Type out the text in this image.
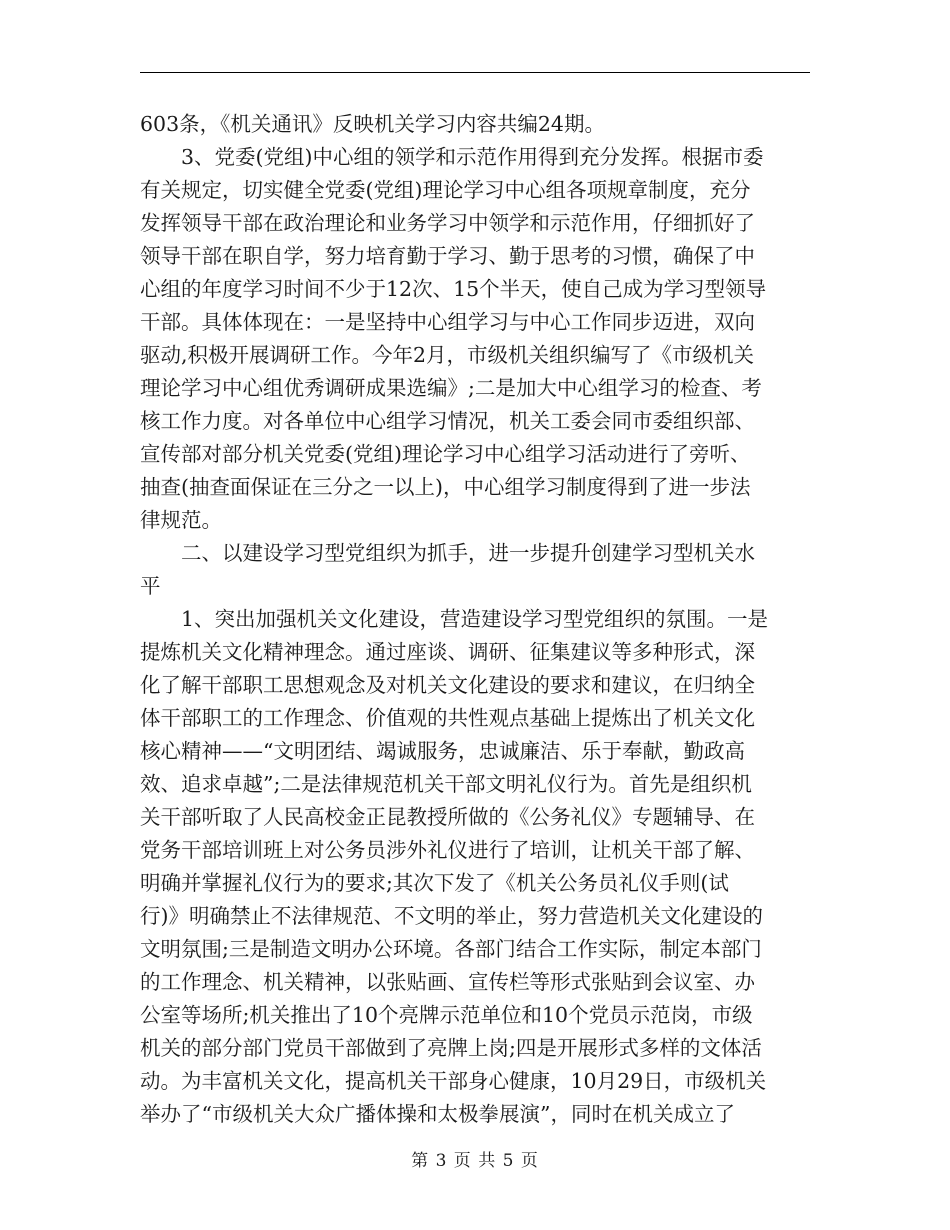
603条，《机关通讯》反映机关学习内容共编24期。
　　3、党委(党组)中心组的领学和示范作用得到充分发挥。根据市委
有关规定，切实健全党委(党组)理论学习中心组各项规章制度，充分
发挥领导干部在政治理论和业务学习中领学和示范作用，仔细抓好了
领导干部在职自学，努力培育勤于学习、勤于思考的习惯，确保了中
心组的年度学习时间不少于12次、15个半天，使自己成为学习型领导
干部。具体体现在：一是坚持中心组学习与中心工作同步迈进，双向
驱动,积极开展调研工作。今年2月，市级机关组织编写了《市级机关
理论学习中心组优秀调研成果选编》;二是加大中心组学习的检查、考
核工作力度。对各单位中心组学习情况，机关工委会同市委组织部、
宣传部对部分机关党委(党组)理论学习中心组学习活动进行了旁听、
抽查(抽查面保证在三分之一以上)，中心组学习制度得到了进一步法
律规范。
　　二、以建设学习型党组织为抓手，进一步提升创建学习型机关水
平
　　1、突出加强机关文化建设，营造建设学习型党组织的氛围。一是
提炼机关文化精神理念。通过座谈、调研、征集建议等多种形式，深
化了解干部职工思想观念及对机关文化建设的要求和建议，在归纳全
体干部职工的工作理念、价值观的共性观点基础上提炼出了机关文化
核心精神——“文明团结、竭诚服务，忠诚廉洁、乐于奉献，勤政高
效、追求卓越”;二是法律规范机关干部文明礼仪行为。首先是组织机
关干部听取了人民高校金正昆教授所做的《公务礼仪》专题辅导、在
党务干部培训班上对公务员涉外礼仪进行了培训，让机关干部了解、
明确并掌握礼仪行为的要求;其次下发了《机关公务员礼仪手则(试
行)》明确禁止不法律规范、不文明的举止，努力营造机关文化建设的
文明氛围;三是制造文明办公环境。各部门结合工作实际，制定本部门
的工作理念、机关精神，以张贴画、宣传栏等形式张贴到会议室、办
公室等场所;机关推出了10个亮牌示范单位和10个党员示范岗，市级
机关的部分部门党员干部做到了亮牌上岗;四是开展形式多样的文体活
动。为丰富机关文化，提高机关干部身心健康，10月29日，市级机关
举办了“市级机关大众广播体操和太极拳展演”，同时在机关成立了
第 3 页 共 5 页
